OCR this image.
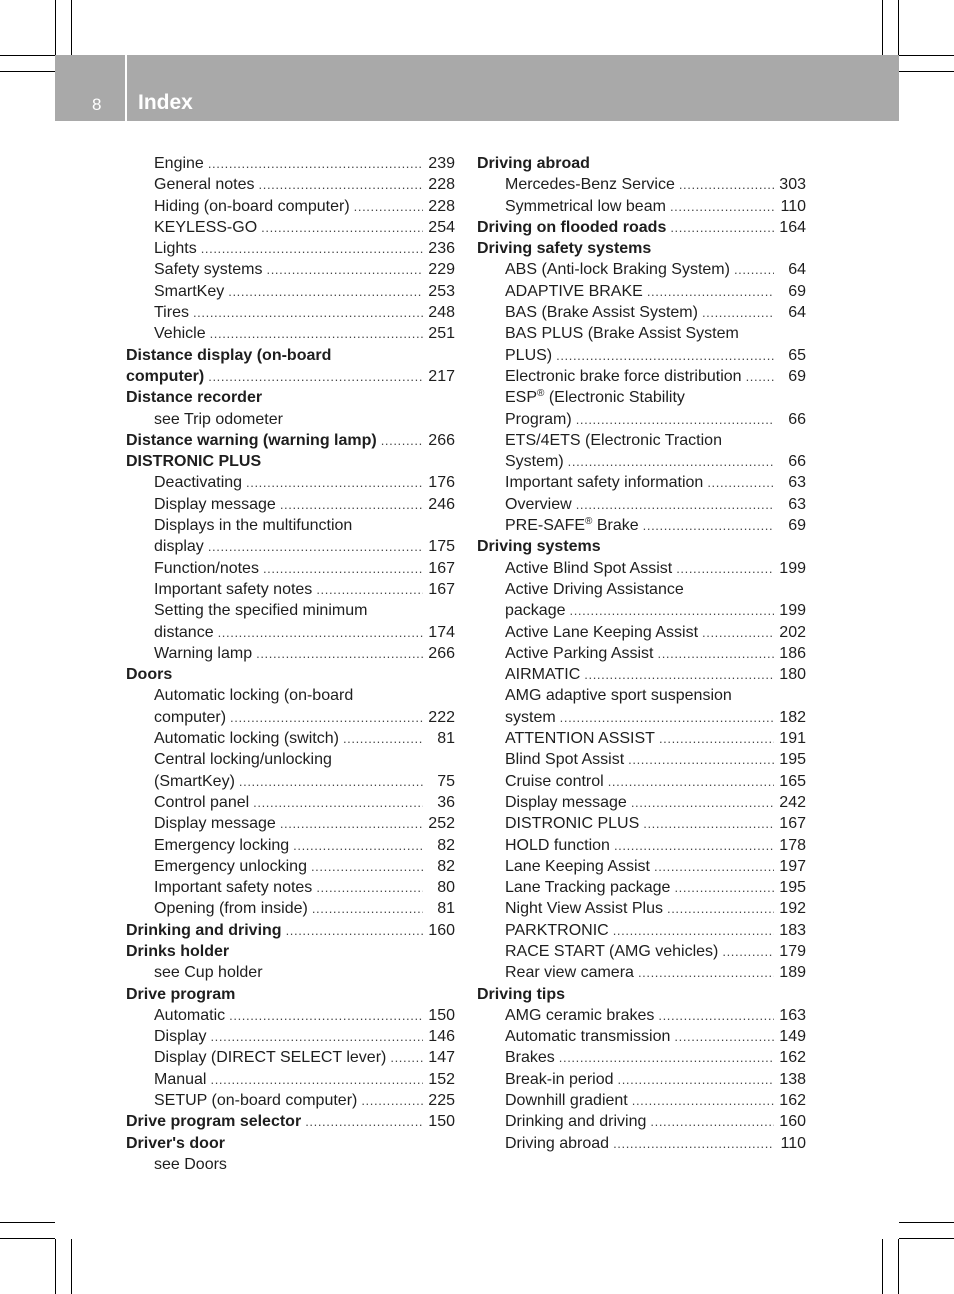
8 Index
Engine .....	239
General notes .....	228
Hiding (on-board computer) .....	228
KEYLESS-GO .....	254
Lights .....	236
Safety systems .....	229
SmartKey .....	253
Tires .....	248
Vehicle .....	251
Distance display (on-board
computer) .....	217
Distance recorder
see Trip odometer
Distance warning (warning lamp) .....	266
DISTRONIC PLUS
Deactivating .....	176
Display message .....	246
Displays in the multifunction
display .....	175
Function/notes .....	167
Important safety notes .....	167
Setting the specified minimum
distance .....	174
Warning lamp .....	266
Doors
Automatic locking (on-board
computer) .....	222
Automatic locking (switch) .....	81
Central locking/unlocking
(SmartKey) .....	75
Control panel .....	36
Display message .....	252
Emergency locking .....	82
Emergency unlocking .....	82
Important safety notes .....	80
Opening (from inside) .....	81
Drinking and driving .....	160
Drinks holder
see Cup holder
Drive program
Automatic .....	150
Display .....	146
Display (DIRECT SELECT lever) .....	147
Manual .....	152
SETUP (on-board computer) .....	225
Drive program selector .....	150
Driver's door
see Doors
Driving abroad
Mercedes-Benz Service .....	303
Symmetrical low beam .....	110
Driving on flooded roads .....	164
Driving safety systems
ABS (Anti-lock Braking System) .....	64
ADAPTIVE BRAKE .....	69
BAS (Brake Assist System) .....	64
BAS PLUS (Brake Assist System
PLUS) .....	65
Electronic brake force distribution .....	69
ESP® (Electronic Stability
Program) .....	66
ETS/4ETS (Electronic Traction
System) .....	66
Important safety information .....	63
Overview .....	63
PRE-SAFE® Brake .....	69
Driving systems
Active Blind Spot Assist .....	199
Active Driving Assistance
package .....	199
Active Lane Keeping Assist .....	202
Active Parking Assist .....	186
AIRMATIC .....	180
AMG adaptive sport suspension
system .....	182
ATTENTION ASSIST .....	191
Blind Spot Assist .....	195
Cruise control .....	165
Display message .....	242
DISTRONIC PLUS .....	167
HOLD function .....	178
Lane Keeping Assist .....	197
Lane Tracking package .....	195
Night View Assist Plus .....	192
PARKTRONIC .....	183
RACE START (AMG vehicles) .....	179
Rear view camera .....	189
Driving tips
AMG ceramic brakes .....	163
Automatic transmission .....	149
Brakes .....	162
Break-in period .....	138
Downhill gradient .....	162
Drinking and driving .....	160
Driving abroad .....	110
